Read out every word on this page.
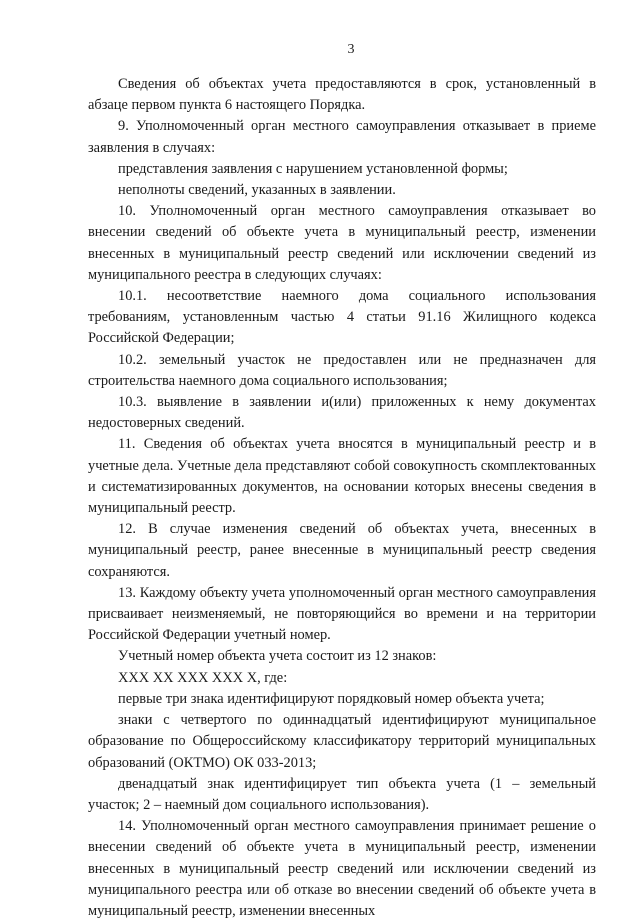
3

Сведения об объектах учета предоставляются в срок, установленный в абзаце первом пункта 6 настоящего Порядка.

9. Уполномоченный орган местного самоуправления отказывает в приеме заявления в случаях:

представления заявления с нарушением установленной формы;

неполноты сведений, указанных в заявлении.

10. Уполномоченный орган местного самоуправления отказывает во внесении сведений об объекте учета в муниципальный реестр, изменении внесенных в муниципальный реестр сведений или исключении сведений из муниципального реестра в следующих случаях:

10.1. несоответствие наемного дома социального использования требованиям, установленным частью 4 статьи 91.16 Жилищного кодекса Российской Федерации;

10.2. земельный участок не предоставлен или не предназначен для строительства наемного дома социального использования;

10.3. выявление в заявлении и(или) приложенных к нему документах недостоверных сведений.

11. Сведения об объектах учета вносятся в муниципальный реестр и в учетные дела. Учетные дела представляют собой совокупность скомплектованных и систематизированных документов, на основании которых внесены сведения в муниципальный реестр.

12. В случае изменения сведений об объектах учета, внесенных в муниципальный реестр, ранее внесенные в муниципальный реестр сведения сохраняются.

13. Каждому объекту учета уполномоченный орган местного самоуправления присваивает неизменяемый, не повторяющийся во времени и на территории Российской Федерации учетный номер.

Учетный номер объекта учета состоит из 12 знаков:

XXX XX XXX XXX X, где:

первые три знака идентифицируют порядковый номер объекта учета;

знаки с четвертого по одиннадцатый идентифицируют муниципальное образование по Общероссийскому классификатору территорий муниципальных образований (ОКТМО) ОК 033-2013;

двенадцатый знак идентифицирует тип объекта учета (1 – земельный участок; 2 – наемный дом социального использования).

14. Уполномоченный орган местного самоуправления принимает решение о внесении сведений об объекте учета в муниципальный реестр, изменении внесенных в муниципальный реестр сведений или исключении сведений из муниципального реестра или об отказе во внесении сведений об объекте учета в муниципальный реестр, изменении внесенных
